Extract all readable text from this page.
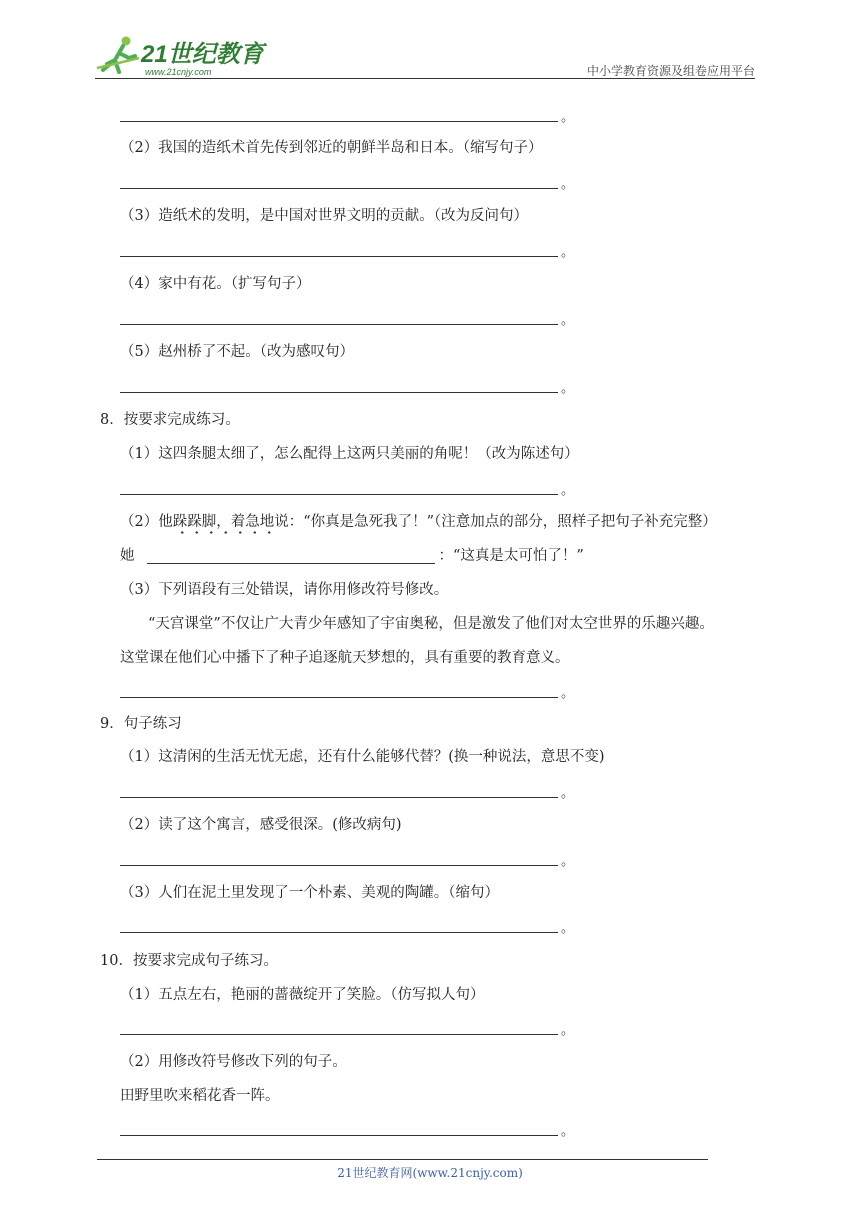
21世纪教育
www.21cnjy.com	中小学教育资源及组卷应用平台
。
（2）我国的造纸术首先传到邻近的朝鲜半岛和日本。（缩写句子）
。
（3）造纸术的发明，是中国对世界文明的贡献。（改为反问句）
。
（4）家中有花。（扩写句子）
。
（5）赵州桥了不起。（改为感叹句）
。
8．按要求完成练习。
（1）这四条腿太细了，怎么配得上这两只美丽的角呢！（改为陈述句）
。
（2）他跺跺脚，着急地说：“你真是急死我了！”（注意加点的部分，照样子把句子补充完整）
她	：“这真是太可怕了！”
（3）下列语段有三处错误，请你用修改符号修改。
“天宫课堂”不仅让广大青少年感知了宇宙奥秘，但是激发了他们对太空世界的乐趣兴趣。
这堂课在他们心中播下了种子追逐航天梦想的，具有重要的教育意义。
。
9．句子练习
（1）这清闲的生活无忧无虑，还有什么能够代替？(换一种说法，意思不变)
。
（2）读了这个寓言，感受很深。(修改病句)
。
（3）人们在泥土里发现了一个朴素、美观的陶罐。（缩句）
。
10．按要求完成句子练习。
（1）五点左右，艳丽的蔷薇绽开了笑脸。（仿写拟人句）
。
（2）用修改符号修改下列的句子。
田野里吹来稻花香一阵。
。
21世纪教育网(www.21cnjy.com)
